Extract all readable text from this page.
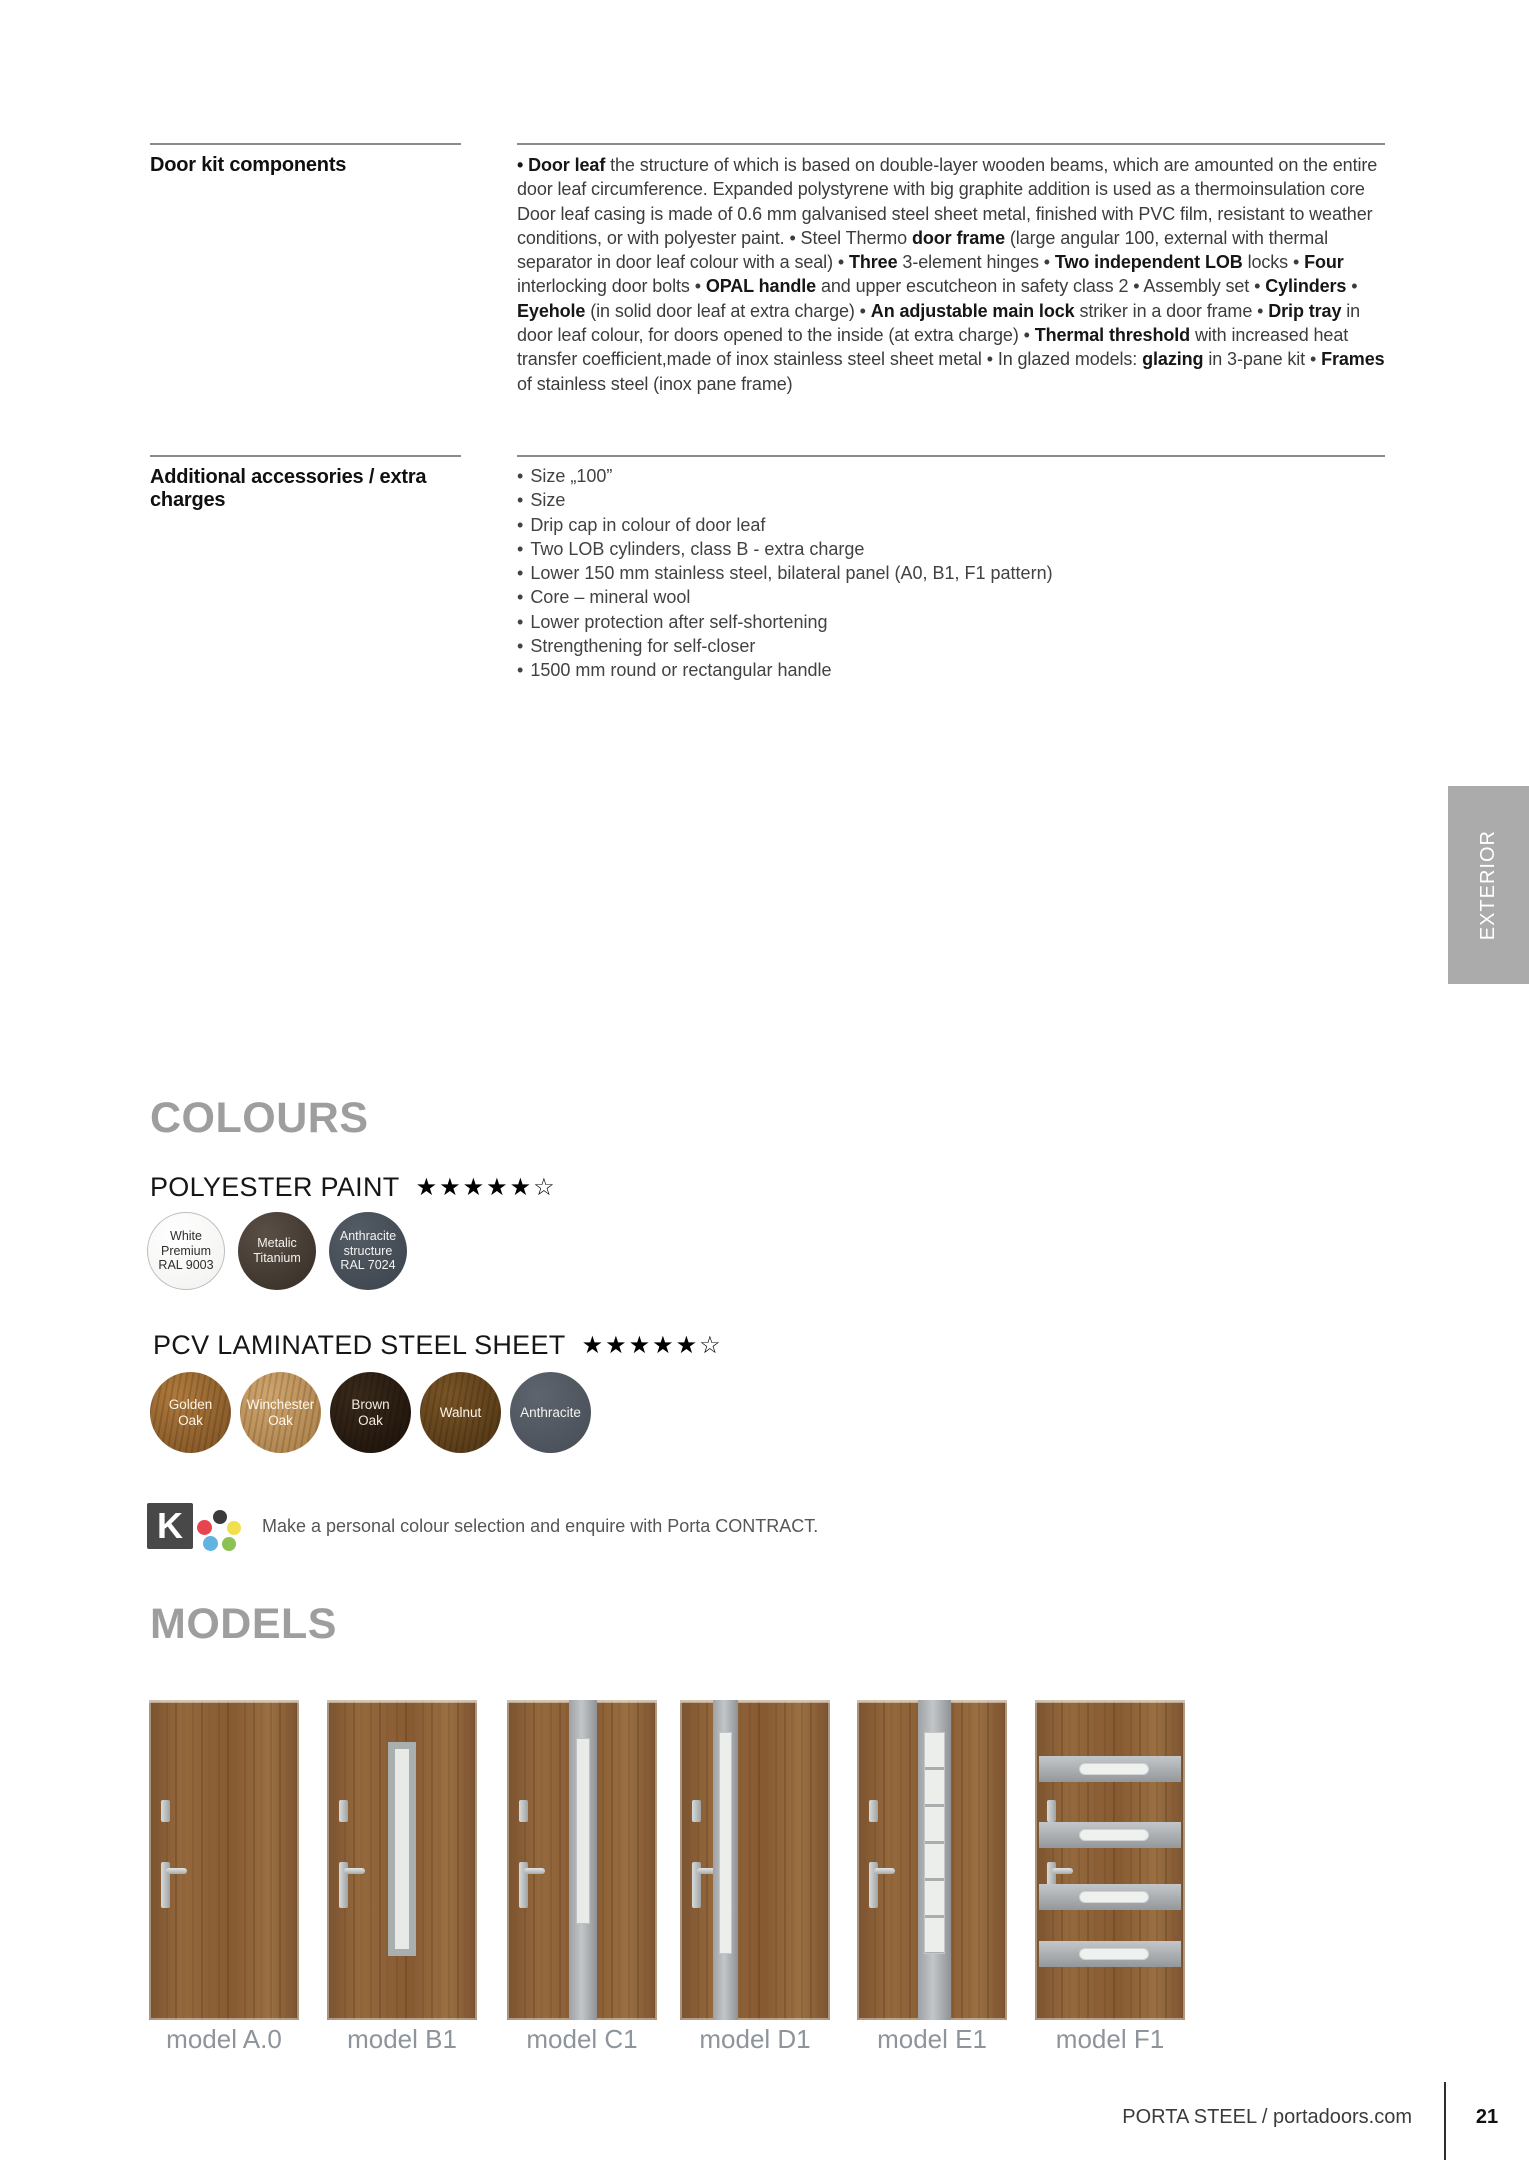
Door kit components	• Door leaf the structure of which is based on double-layer wooden beams, which are amounted on the entire door leaf circumference. Expanded polystyrene with big graphite addition is used as a thermoinsulation core Door leaf casing is made of 0.6 mm galvanised steel sheet metal, finished with PVC film, resistant to weather conditions, or with polyester paint. • Steel Thermo door frame (large angular 100, external with thermal separator in door leaf colour with a seal) • Three 3-element hinges • Two independent LOB locks • Four interlocking door bolts • OPAL handle and upper escutcheon in safety class 2 • Assembly set • Cylinders • Eyehole (in solid door leaf at extra charge) • An adjustable main lock striker in a door frame • Drip tray in door leaf colour, for doors opened to the inside (at extra charge) • Thermal threshold with increased heat transfer coefficient,made of inox stainless steel sheet metal • In glazed models: glazing in 3-pane kit • Frames of stainless steel (inox pane frame)
Additional accessories / extra charges
• Size „100”
• Size
• Drip cap in colour of door leaf
• Two LOB cylinders, class B - extra charge
• Lower 150 mm stainless steel, bilateral panel (A0, B1, F1 pattern)
• Core – mineral wool
• Lower protection after self-shortening
• Strengthening for self-closer
• 1500 mm round or rectangular handle
EXTERIOR
COLOURS
POLYESTER PAINT ★★★★★☆
White
Premium
RAL 9003
Metalic
Titanium
Anthracite
structure
RAL 7024
PCV LAMINATED STEEL SHEET ★★★★★☆
Golden
Oak
Winchester
Oak
Brown
Oak
Walnut	Anthracite
K	Make a personal colour selection and enquire with Porta CONTRACT.
MODELS
model A.0	model B1	model C1	model D1	model E1	model F1
PORTA STEEL / portadoors.com	21
